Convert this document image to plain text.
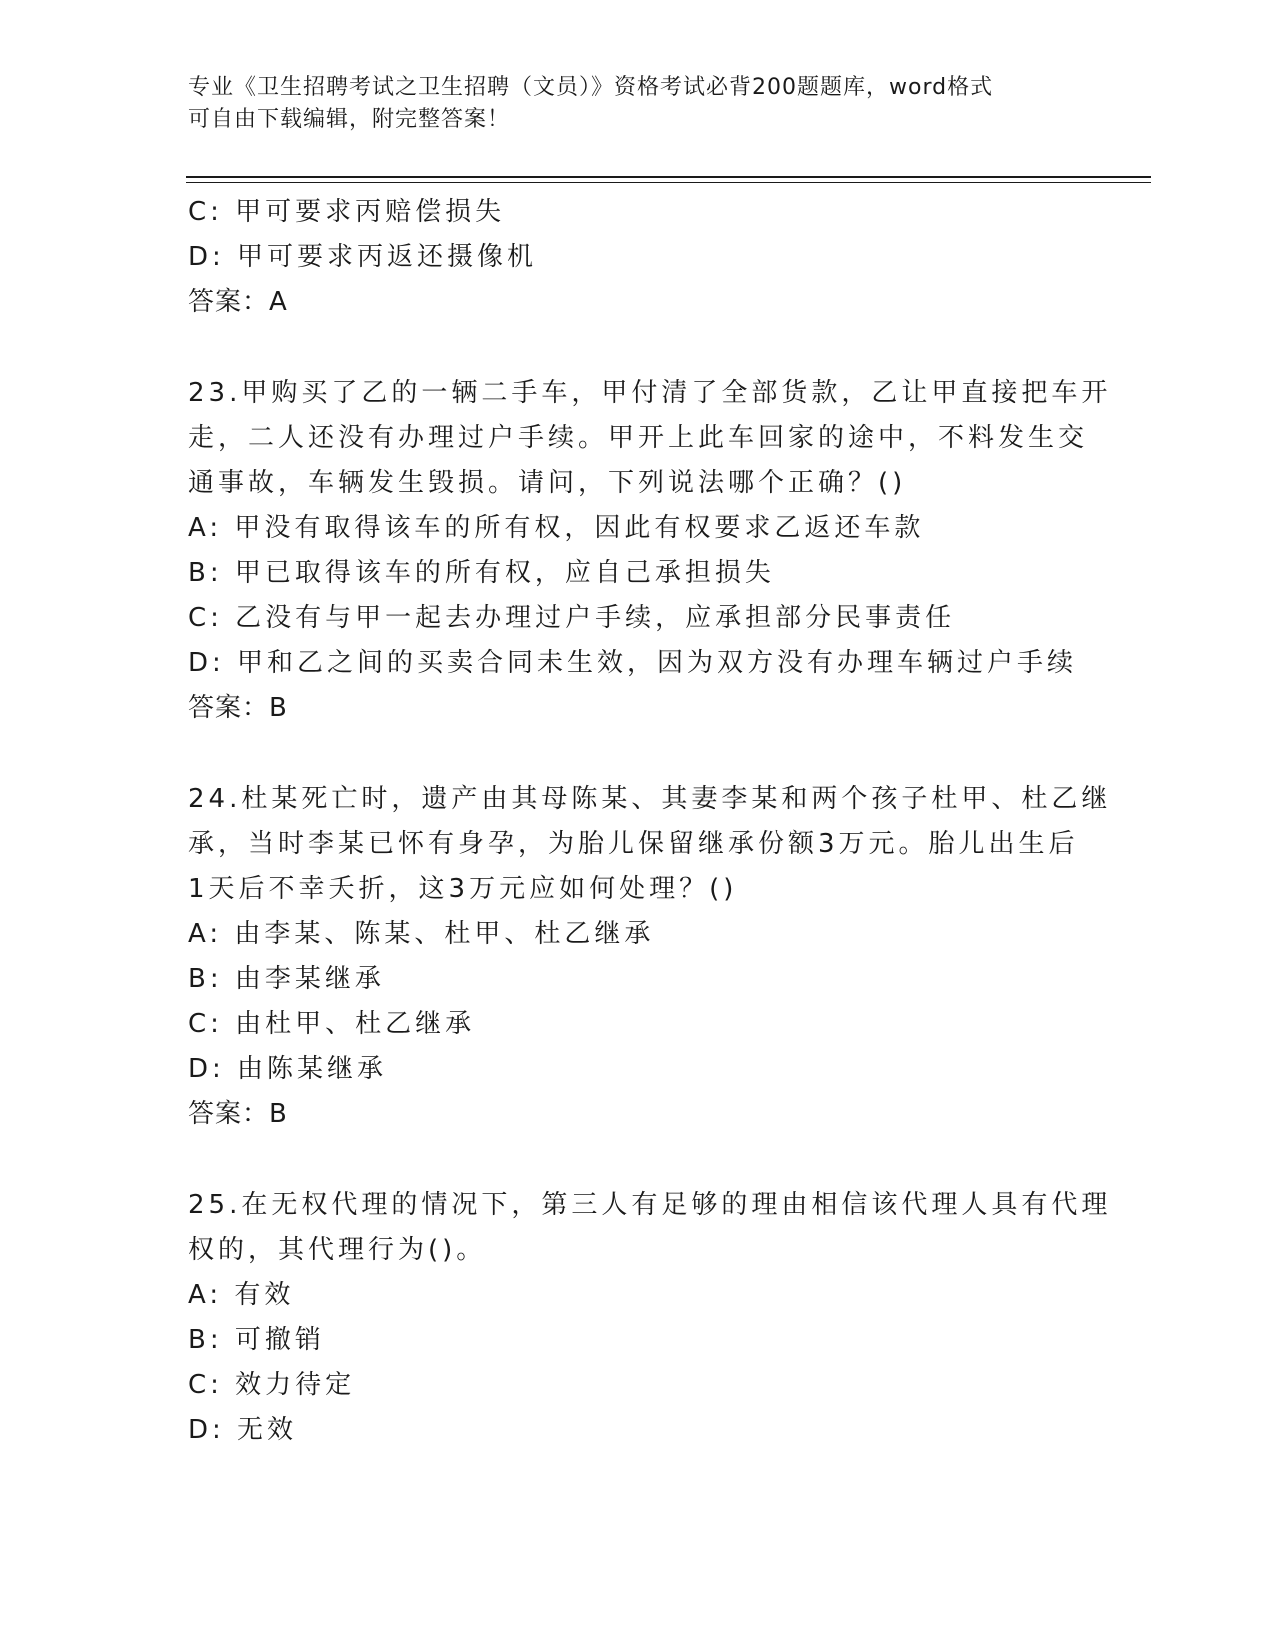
专业《卫生招聘考试之卫生招聘（文员）》资格考试必背200题题库，word格式
可自由下载编辑，附完整答案！
C: 甲可要求丙赔偿损失
D: 甲可要求丙返还摄像机
答案：A
23.甲购买了乙的一辆二手车，甲付清了全部货款，乙让甲直接把车开
走，二人还没有办理过户手续。甲开上此车回家的途中，不料发生交
通事故，车辆发生毁损。请问，下列说法哪个正确？()
A: 甲没有取得该车的所有权，因此有权要求乙返还车款
B: 甲已取得该车的所有权，应自己承担损失
C: 乙没有与甲一起去办理过户手续，应承担部分民事责任
D: 甲和乙之间的买卖合同未生效，因为双方没有办理车辆过户手续
答案：B
24.杜某死亡时，遗产由其母陈某、其妻李某和两个孩子杜甲、杜乙继
承，当时李某已怀有身孕，为胎儿保留继承份额3万元。胎儿出生后
1天后不幸夭折，这3万元应如何处理？()
A: 由李某、陈某、杜甲、杜乙继承
B: 由李某继承
C: 由杜甲、杜乙继承
D: 由陈某继承
答案：B
25.在无权代理的情况下，第三人有足够的理由相信该代理人具有代理
权的，其代理行为()。
A: 有效
B: 可撤销
C: 效力待定
D: 无效
